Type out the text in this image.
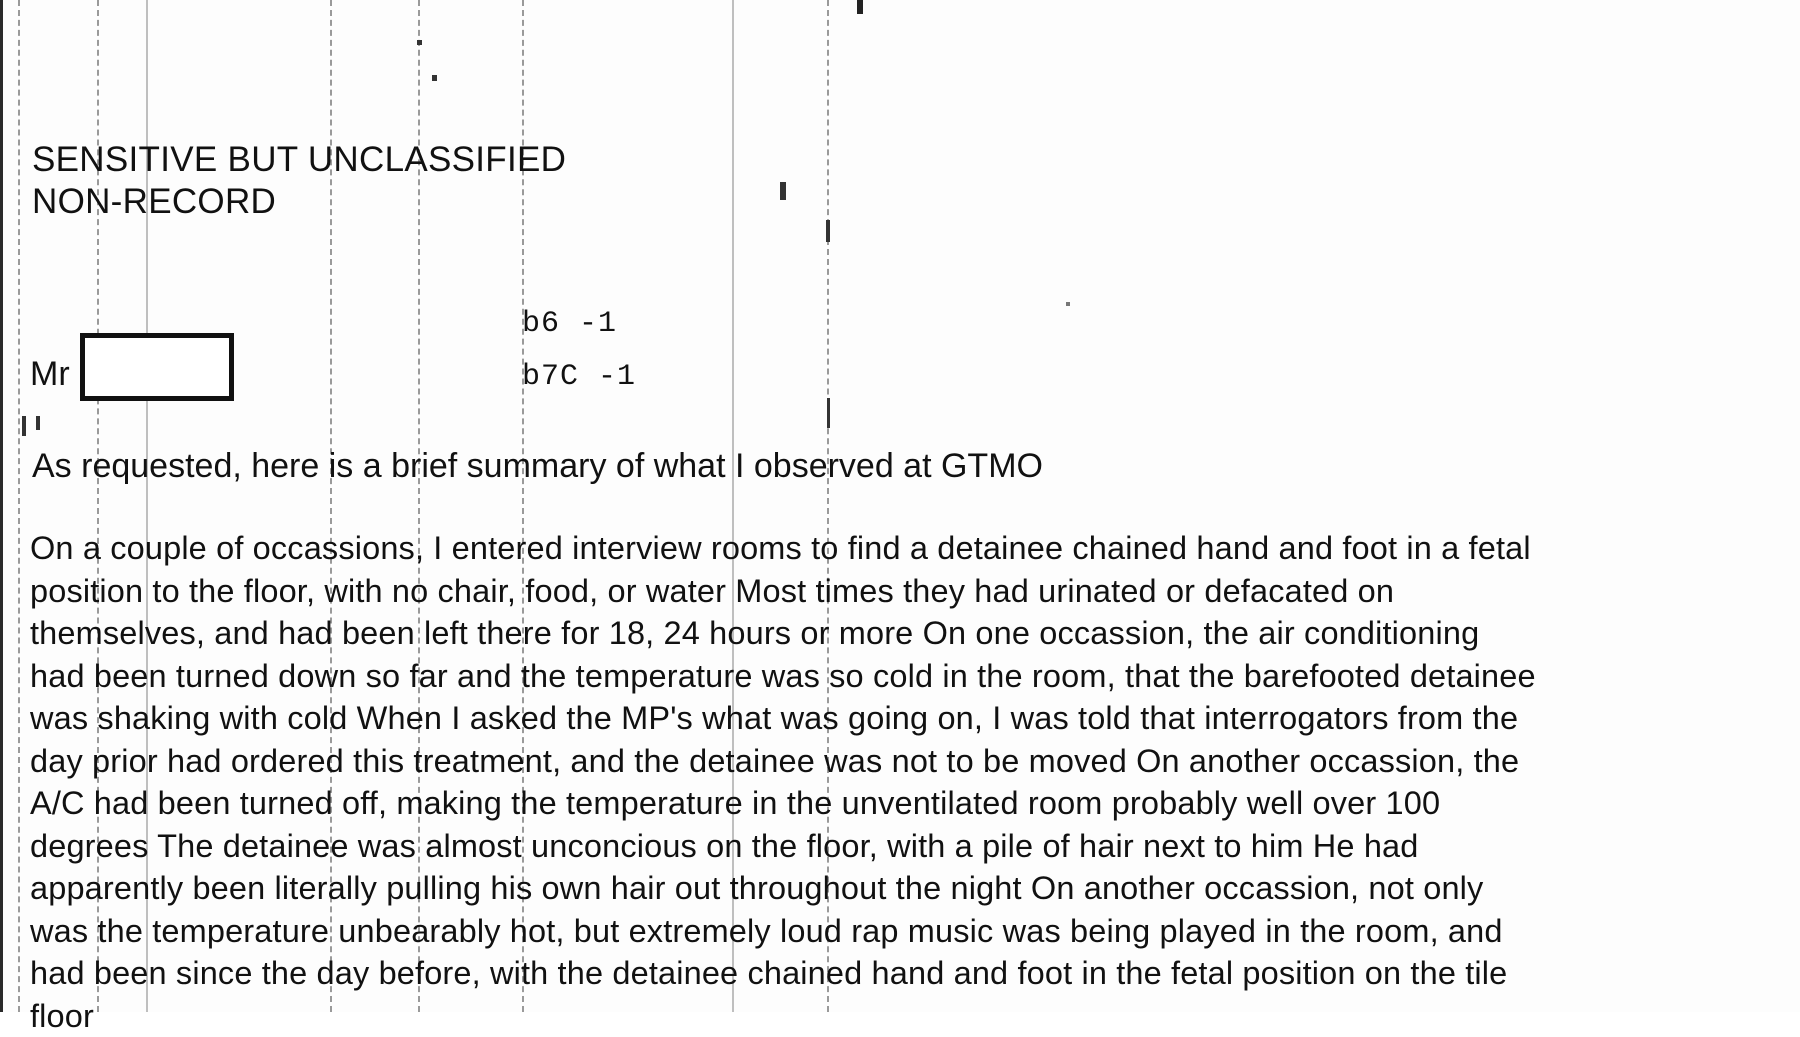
SENSITIVE BUT UNCLASSIFIED
NON-RECORD
b6 -1
b7C -1
Mr
As requested, here is a brief summary of what I observed at GTMO
On a couple of occassions, I entered interview rooms to find a detainee chained hand and foot in a fetal
position to the floor, with no chair, food, or water Most times they had urinated or defacated on
themselves, and had been left there for 18, 24 hours or more On one occassion, the air conditioning
had been turned down so far and the temperature was so cold in the room, that the barefooted detainee
was shaking with cold When I asked the MP's what was going on, I was told that interrogators from the
day prior had ordered this treatment, and the detainee was not to be moved On another occassion, the
A/C had been turned off, making the temperature in the unventilated room probably well over 100
degrees The detainee was almost unconcious on the floor, with a pile of hair next to him He had
apparently been literally pulling his own hair out throughout the night On another occassion, not only
was the temperature unbearably hot, but extremely loud rap music was being played in the room, and
had been since the day before, with the detainee chained hand and foot in the fetal position on the tile
floor
